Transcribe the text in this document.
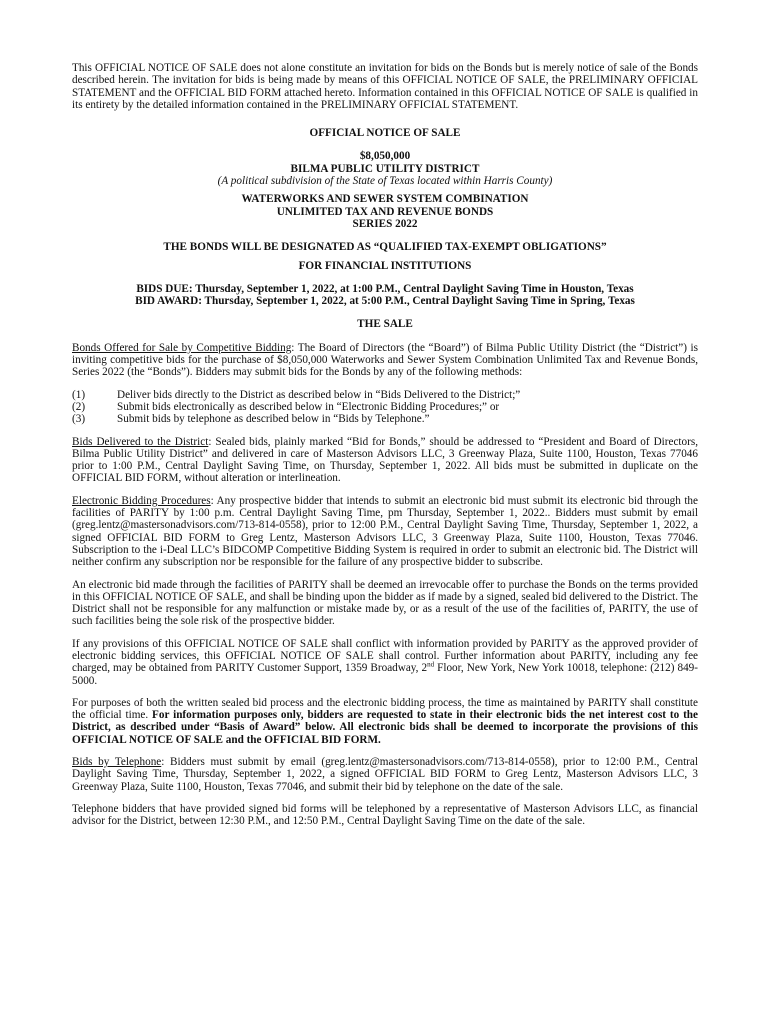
This OFFICIAL NOTICE OF SALE does not alone constitute an invitation for bids on the Bonds but is merely notice of sale of the Bonds described herein. The invitation for bids is being made by means of this OFFICIAL NOTICE OF SALE, the PRELIMINARY OFFICIAL STATEMENT and the OFFICIAL BID FORM attached hereto. Information contained in this OFFICIAL NOTICE OF SALE is qualified in its entirety by the detailed information contained in the PRELIMINARY OFFICIAL STATEMENT.

OFFICIAL NOTICE OF SALE
$8,050,000
BILMA PUBLIC UTILITY DISTRICT
(A political subdivision of the State of Texas located within Harris County)
WATERWORKS AND SEWER SYSTEM COMBINATION
UNLIMITED TAX AND REVENUE BONDS
SERIES 2022
THE BONDS WILL BE DESIGNATED AS “QUALIFIED TAX-EXEMPT OBLIGATIONS”
FOR FINANCIAL INSTITUTIONS
BIDS DUE: Thursday, September 1, 2022, at 1:00 P.M., Central Daylight Saving Time in Houston, Texas
BID AWARD: Thursday, September 1, 2022, at 5:00 P.M., Central Daylight Saving Time in Spring, Texas
THE SALE

Bonds Offered for Sale by Competitive Bidding: The Board of Directors (the “Board”) of Bilma Public Utility District (the “District”) is inviting competitive bids for the purchase of $8,050,000 Waterworks and Sewer System Combination Unlimited Tax and Revenue Bonds, Series 2022 (the “Bonds”). Bidders may submit bids for the Bonds by any of the following methods:

(1)	Deliver bids directly to the District as described below in “Bids Delivered to the District;”
(2)	Submit bids electronically as described below in “Electronic Bidding Procedures;” or
(3)	Submit bids by telephone as described below in “Bids by Telephone.”

Bids Delivered to the District: Sealed bids, plainly marked “Bid for Bonds,” should be addressed to “President and Board of Directors, Bilma Public Utility District” and delivered in care of Masterson Advisors LLC, 3 Greenway Plaza, Suite 1100, Houston, Texas 77046 prior to 1:00 P.M., Central Daylight Saving Time, on Thursday, September 1, 2022. All bids must be submitted in duplicate on the OFFICIAL BID FORM, without alteration or interlineation.

Electronic Bidding Procedures: Any prospective bidder that intends to submit an electronic bid must submit its electronic bid through the facilities of PARITY by 1:00 p.m. Central Daylight Saving Time, pm Thursday, September 1, 2022.. Bidders must submit by email (greg.lentz@mastersonadvisors.com/713-814-0558), prior to 12:00 P.M., Central Daylight Saving Time, Thursday, September 1, 2022, a signed OFFICIAL BID FORM to Greg Lentz, Masterson Advisors LLC, 3 Greenway Plaza, Suite 1100, Houston, Texas 77046. Subscription to the i-Deal LLC’s BIDCOMP Competitive Bidding System is required in order to submit an electronic bid. The District will neither confirm any subscription nor be responsible for the failure of any prospective bidder to subscribe.

An electronic bid made through the facilities of PARITY shall be deemed an irrevocable offer to purchase the Bonds on the terms provided in this OFFICIAL NOTICE OF SALE, and shall be binding upon the bidder as if made by a signed, sealed bid delivered to the District. The District shall not be responsible for any malfunction or mistake made by, or as a result of the use of the facilities of, PARITY, the use of such facilities being the sole risk of the prospective bidder.

If any provisions of this OFFICIAL NOTICE OF SALE shall conflict with information provided by PARITY as the approved provider of electronic bidding services, this OFFICIAL NOTICE OF SALE shall control. Further information about PARITY, including any fee charged, may be obtained from PARITY Customer Support, 1359 Broadway, 2nd Floor, New York, New York 10018, telephone: (212) 849-5000.

For purposes of both the written sealed bid process and the electronic bidding process, the time as maintained by PARITY shall constitute the official time. For information purposes only, bidders are requested to state in their electronic bids the net interest cost to the District, as described under “Basis of Award” below. All electronic bids shall be deemed to incorporate the provisions of this OFFICIAL NOTICE OF SALE and the OFFICIAL BID FORM.

Bids by Telephone: Bidders must submit by email (greg.lentz@mastersonadvisors.com/713-814-0558), prior to 12:00 P.M., Central Daylight Saving Time, Thursday, September 1, 2022, a signed OFFICIAL BID FORM to Greg Lentz, Masterson Advisors LLC, 3 Greenway Plaza, Suite 1100, Houston, Texas 77046, and submit their bid by telephone on the date of the sale.

Telephone bidders that have provided signed bid forms will be telephoned by a representative of Masterson Advisors LLC, as financial advisor for the District, between 12:30 P.M., and 12:50 P.M., Central Daylight Saving Time on the date of the sale.
